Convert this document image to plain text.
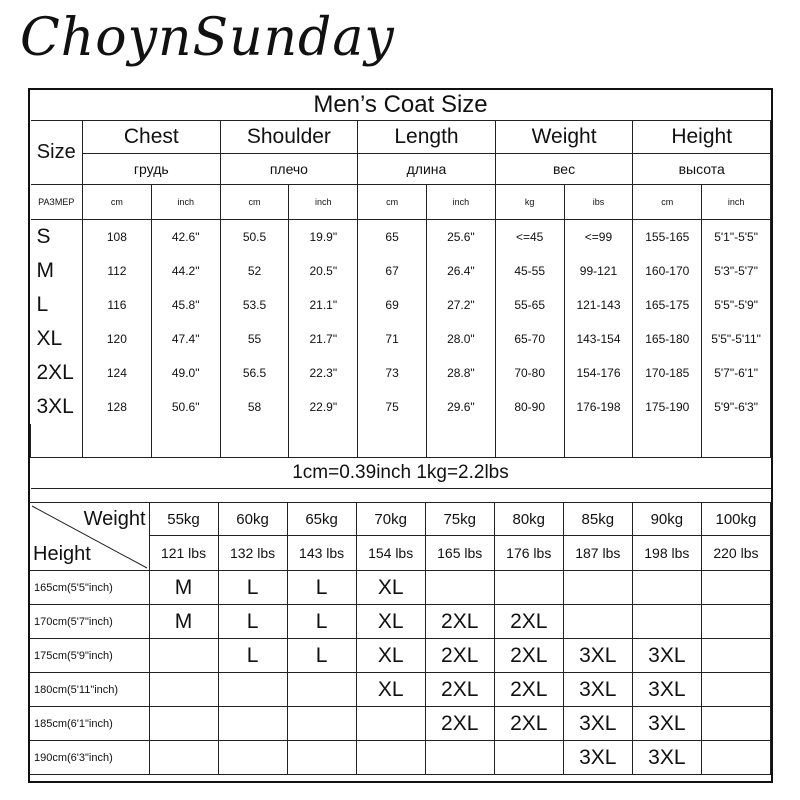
ChoynSunday
Men’s Coat Size										
Size	Chest		Shoulder		Length		Weight		Height	
	грудь		плечо		длина		вес		высота	
РАЗМЕР	cm	inch	cm	inch	cm	inch	kg	ibs	cm	inch
S	108	42.6"	50.5	19.9"	65	25.6"	<=45	<=99	155-165	5'1"-5'5"
M	112	44.2"	52	20.5"	67	26.4"	45-55	99-121	160-170	5'3"-5'7"
L	116	45.8"	53.5	21.1"	69	27.2"	55-65	121-143	165-175	5'5"-5'9"
XL	120	47.4"	55	21.7"	71	28.0"	65-70	143-154	165-180	5'5"-5'11"
2XL	124	49.0"	56.5	22.3"	73	28.8"	70-80	154-176	170-185	5'7"-6'1"
3XL	128	50.6"	58	22.9"	75	29.6"	80-90	176-198	175-190	5'9"-6'3"

1cm=0.39inch 1kg=2.2lbs										
Weight
Height	55kg	60kg	65kg	70kg	75kg	80kg	85kg	90kg	100kg
	121 lbs	132 lbs	143 lbs	154 lbs	165 lbs	176 lbs	187 lbs	198 lbs	220 lbs
165cm(5'5"inch)	M	L	L	XL					
170cm(5'7"inch)	M	L	L	XL	2XL	2XL			
175cm(5'9"inch)		L	L	XL	2XL	2XL	3XL	3XL	
180cm(5'11"inch)				XL	2XL	2XL	3XL	3XL	
185cm(6'1"inch)					2XL	2XL	3XL	3XL	
190cm(6'3"inch)							3XL	3XL	
